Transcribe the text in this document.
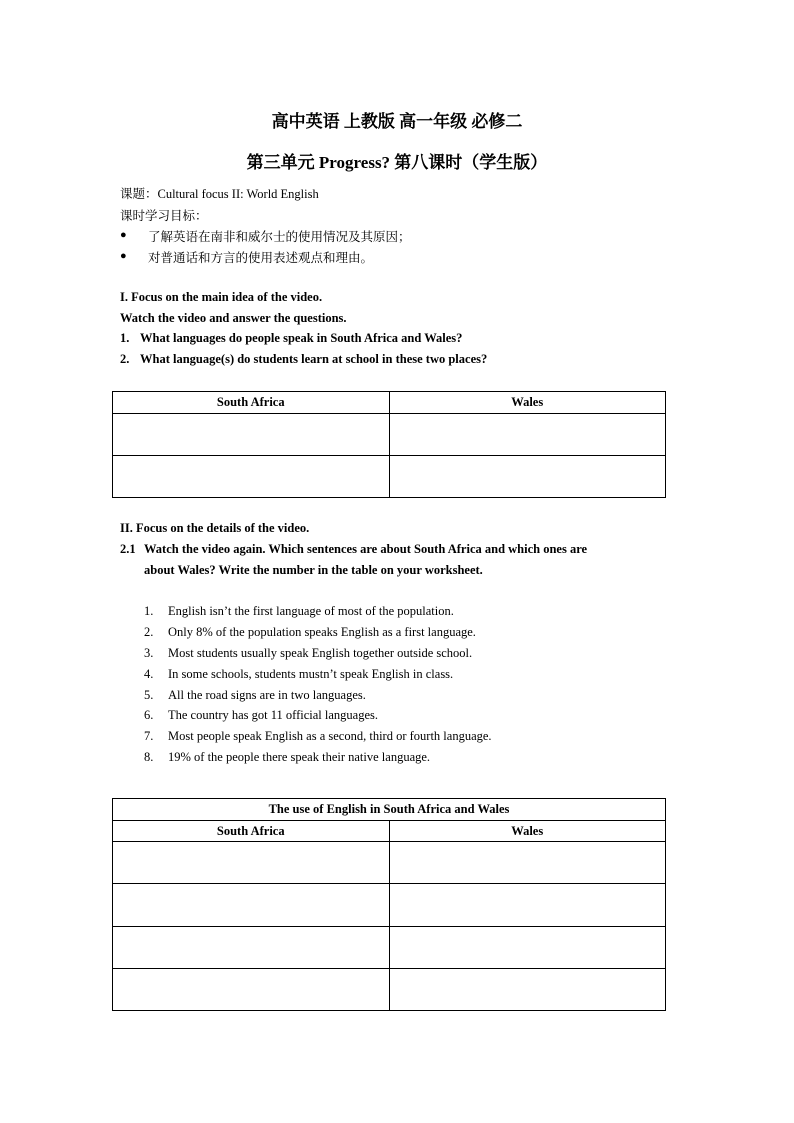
高中英语 上教版 高一年级 必修二
第三单元 Progress? 第八课时（学生版）
课题：Cultural focus II: World English
课时学习目标：
● 了解英语在南非和威尔士的使用情况及其原因；
● 对普通话和方言的使用表述观点和理由。
I. Focus on the main idea of the video.
Watch the video and answer the questions.
1. What languages do people speak in South Africa and Wales?
2. What language(s) do students learn at school in these two places?
South Africa	Wales

II. Focus on the details of the video.
2.1 Watch the video again. Which sentences are about South Africa and which ones are
about Wales? Write the number in the table on your worksheet.
1. English isn’t the first language of most of the population.
2. Only 8% of the population speaks English as a first language.
3. Most students usually speak English together outside school.
4. In some schools, students mustn’t speak English in class.
5. All the road signs are in two languages.
6. The country has got 11 official languages.
7. Most people speak English as a second, third or fourth language.
8. 19% of the people there speak their native language.
The use of English in South Africa and Wales	
South Africa	Wales
